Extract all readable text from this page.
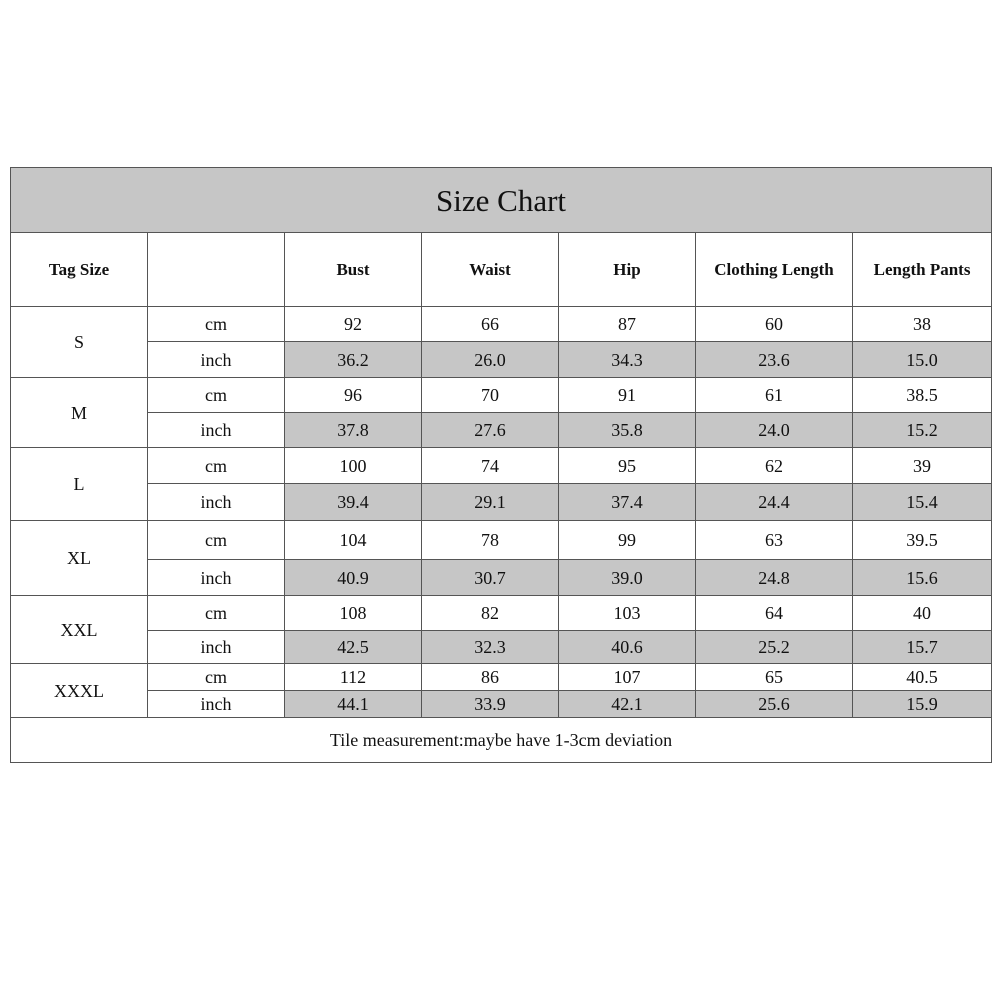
Size Chart						
Tag Size		Bust	Waist	Hip	Clothing Length	Length Pants
S	cm	92	66	87	60	38
	inch	36.2	26.0	34.3	23.6	15.0
M	cm	96	70	91	61	38.5
	inch	37.8	27.6	35.8	24.0	15.2
L	cm	100	74	95	62	39
	inch	39.4	29.1	37.4	24.4	15.4
XL	cm	104	78	99	63	39.5
	inch	40.9	30.7	39.0	24.8	15.6
XXL	cm	108	82	103	64	40
	inch	42.5	32.3	40.6	25.2	15.7
XXXL	cm	112	86	107	65	40.5
	inch	44.1	33.9	42.1	25.6	15.9
Tile measurement:maybe have 1-3cm deviation						
